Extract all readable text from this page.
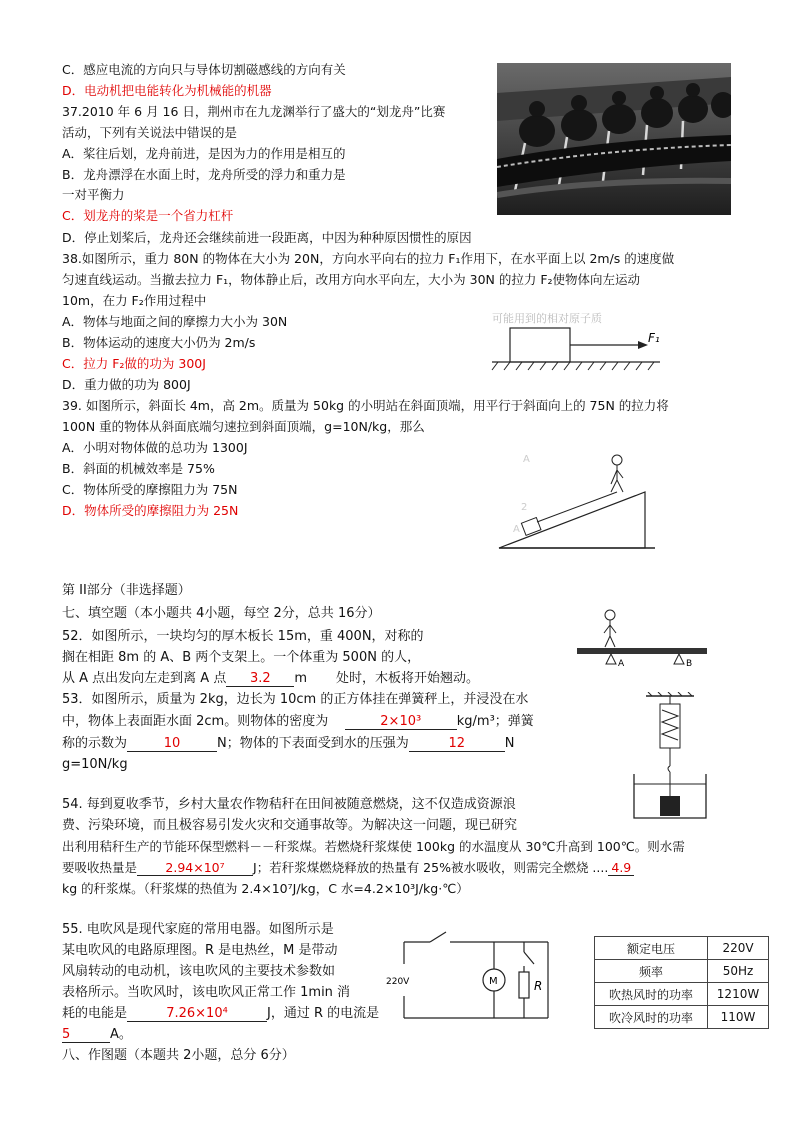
C．感应电流的方向只与导体切割磁感线的方向有关
D．电动机把电能转化为机械能的机器
37.2010 年 6 月 16 日，荆州市在九龙渊举行了盛大的“划龙舟”比赛
活动，下列有关说法中错误的是
A．桨往后划，龙舟前进，是因为力的作用是相互的
B．龙舟漂浮在水面上时，龙舟所受的浮力和重力是
一对平衡力
C．划龙舟的桨是一个省力杠杆
D．停止划桨后，龙舟还会继续前进一段距离，中因为种种原因惯性的原因
38.如图所示，重力 80N 的物体在大小为 20N，方向水平向右的拉力 F₁作用下，在水平面上以 2m/s 的速度做
匀速直线运动。当撤去拉力 F₁，物体静止后，改用方向水平向左，大小为 30N 的拉力 F₂使物体向左运动
10m，在力 F₂作用过程中
A．物体与地面之间的摩擦力大小为 30N
B．物体运动的速度大小仍为 2m/s
C．拉力 F₂做的功为 300J
D．重力做的功为 800J
可能用到的相对原子质
F₁
39. 如图所示，斜面长 4m，高 2m。质量为 50kg 的小明站在斜面顶端，用平行于斜面向上的 75N 的拉力将
100N 重的物体从斜面底端匀速拉到斜面顶端，g=10N/kg，那么
A．小明对物体做的总功为 1300J
B．斜面的机械效率是 75%
C．物体所受的摩擦阻力为 75N
D．物体所受的摩擦阻力为 25N
A
2
A
第 II部分（非选择题）
七、填空题（本小题共 4小题，每空 2分，总共 16分）
52．如图所示，一块均匀的厚木板长 15m，重 400N，对称的
搁在相距 8m 的 A、B 两个支架上。一个体重为 500N 的人，
从 A 点出发向左走到离 A 点 3.2 m 处时，木板将开始翘动。
A	B
53．如图所示，质量为 2kg，边长为 10cm 的正方体挂在弹簧秤上，并浸没在水
中，物体上表面距水面 2cm。则物体的密度为	2×10³	kg/m³；弹簧
称的示数为	10	N；物体的下表面受到水的压强为	12	N
g=10N/kg
54. 每到夏收季节，乡村大量农作物秸秆在田间被随意燃烧，这不仅造成资源浪
费、污染环境，而且极容易引发火灾和交通事故等。为解决这一问题，现已研究
出利用秸秆生产的节能环保型燃料－－秆浆煤。若燃烧秆浆煤使 100kg 的水温度从 30℃升高到 100℃。则水需
要吸收热量是 2.94×10⁷ J；若秆浆煤燃烧释放的热量有 25%被水吸收，则需完全燃烧 .... 4.9
kg 的秆浆煤。（秆浆煤的热值为 2.4×10⁷J/kg，C 水=4.2×10³J/kg·℃）
55. 电吹风是现代家庭的常用电器。如图所示是
某电吹风的电路原理图。R 是电热丝，M 是带动
风扇转动的电动机，该电吹风的主要技术参数如
表格所示。当吹风时，该电吹风正常工作 1min 消
耗的电能是	7.26×10⁴	J，通过 R 的电流是
5	A。
八、作图题（本题共 2小题，总分 6分）
220V	M	R
额定电压	220V
频率	50Hz
吹热风时的功率	1210W
吹冷风时的功率	110W
